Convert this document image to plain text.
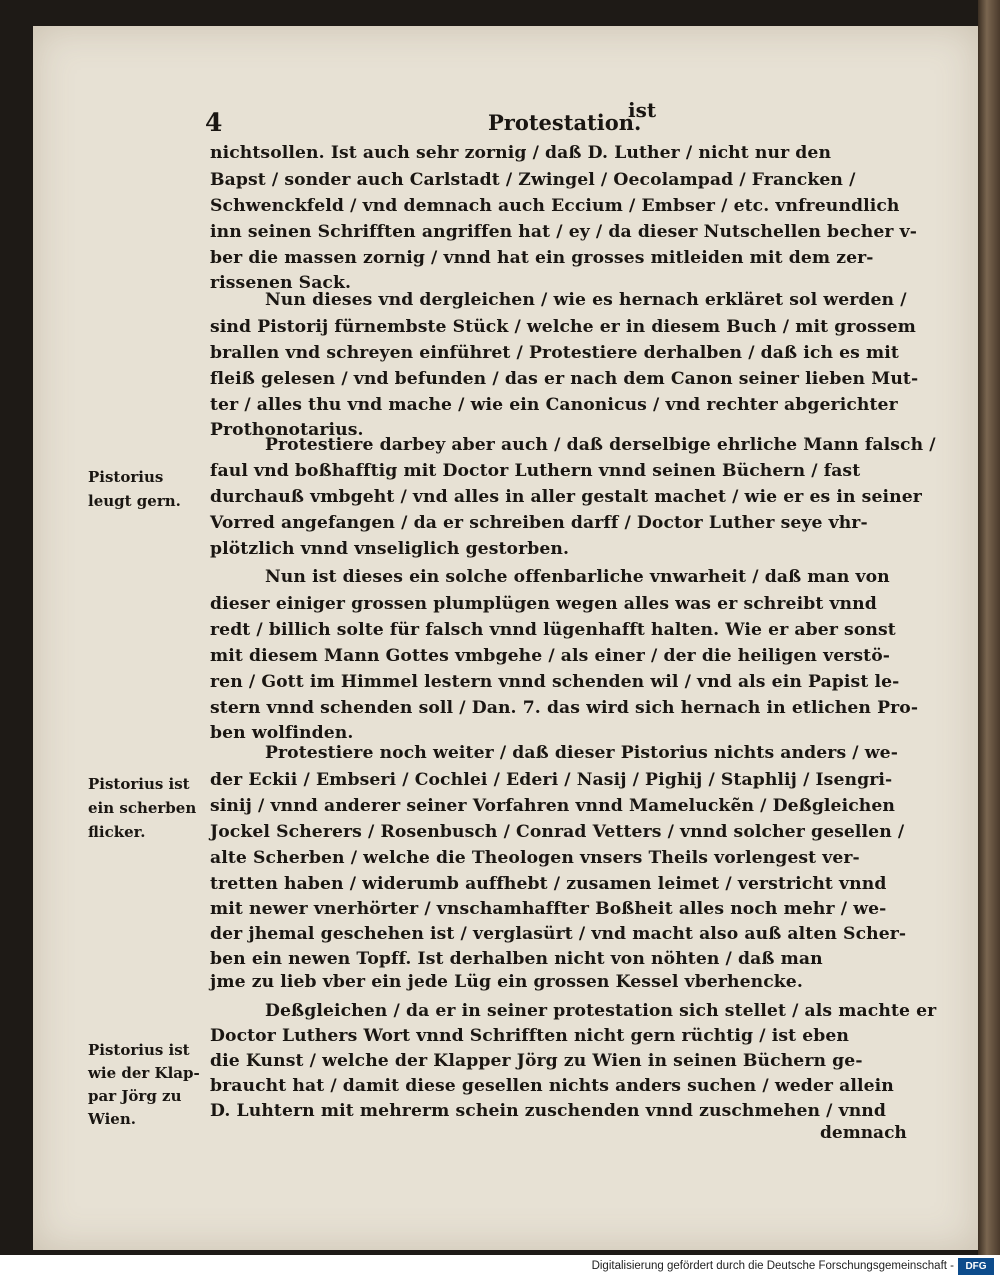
4	Protestation.
ist
nichtsollen. Ist auch sehr zornig / daß D. Luther / nicht nur den
Bapst / sonder auch Carlstadt / Zwingel / Oecolampad / Francken /
Schwenckfeld / vnd demnach auch Eccium / Embser / etc. vnfreundlich
inn seinen Schrifften angriffen hat / ey / da dieser Nutschellen becher v-
ber die massen zornig / vnnd hat ein grosses mitleiden mit dem zer-
rissenen Sack.
Nun dieses vnd dergleichen / wie es hernach erkläret sol werden /
sind Pistorij fürnembste Stück / welche er in diesem Buch / mit grossem
brallen vnd schreyen einführet / Protestiere derhalben / daß ich es mit
fleiß gelesen / vnd befunden / das er nach dem Canon seiner lieben Mut-
ter / alles thu vnd mache / wie ein Canonicus / vnd rechter abgerichter
Prothonotarius.
Protestiere darbey aber auch / daß derselbige ehrliche Mann falsch /
faul vnd boßhafftig mit Doctor Luthern vnnd seinen Büchern / fast
durchauß vmbgeht / vnd alles in aller gestalt machet / wie er es in seiner
Vorred angefangen / da er schreiben darff / Doctor Luther seye vhr-
plötzlich vnnd vnseliglich gestorben.
Nun ist dieses ein solche offenbarliche vnwarheit / daß man von
dieser einiger grossen plumplügen wegen alles was er schreibt vnnd
redt / billich solte für falsch vnnd lügenhafft halten. Wie er aber sonst
mit diesem Mann Gottes vmbgehe / als einer / der die heiligen verstö-
ren / Gott im Himmel lestern vnnd schenden wil / vnd als ein Papist le-
stern vnnd schenden soll / Dan. 7. das wird sich hernach in etlichen Pro-
ben wolfinden.
Protestiere noch weiter / daß dieser Pistorius nichts anders / we-
der Eckii / Embseri / Cochlei / Ederi / Nasij / Pighij / Staphlij / Isengri-
sinij / vnnd anderer seiner Vorfahren vnnd Mameluckẽn / Deßgleichen
Jockel Scherers / Rosenbusch / Conrad Vetters / vnnd solcher gesellen /
alte Scherben / welche die Theologen vnsers Theils vorlengest ver-
tretten haben / widerumb auffhebt / zusamen leimet / verstricht vnnd
mit newer vnerhörter / vnschamhaffter Boßheit alles noch mehr / we-
der jhemal geschehen ist / verglasürt / vnd macht also auß alten Scher-
ben ein newen Topff. Ist derhalben nicht von nöhten / daß man
jme zu lieb vber ein jede Lüg ein grossen Kessel vberhencke.
Deßgleichen / da er in seiner protestation sich stellet / als machte er
Doctor Luthers Wort vnnd Schrifften nicht gern rüchtig / ist eben
die Kunst / welche der Klapper Jörg zu Wien in seinen Büchern ge-
braucht hat / damit diese gesellen nichts anders suchen / weder allein
D. Luhtern mit mehrerm schein zuschenden vnnd zuschmehen / vnnd
demnach
Pistorius
leugt gern.
Pistorius ist
ein scherben
flicker.
Pistorius ist
wie der Klap-
par Jörg zu
Wien.
Digitalisierung gefördert durch die Deutsche Forschungsgemeinschaft -	DFG
